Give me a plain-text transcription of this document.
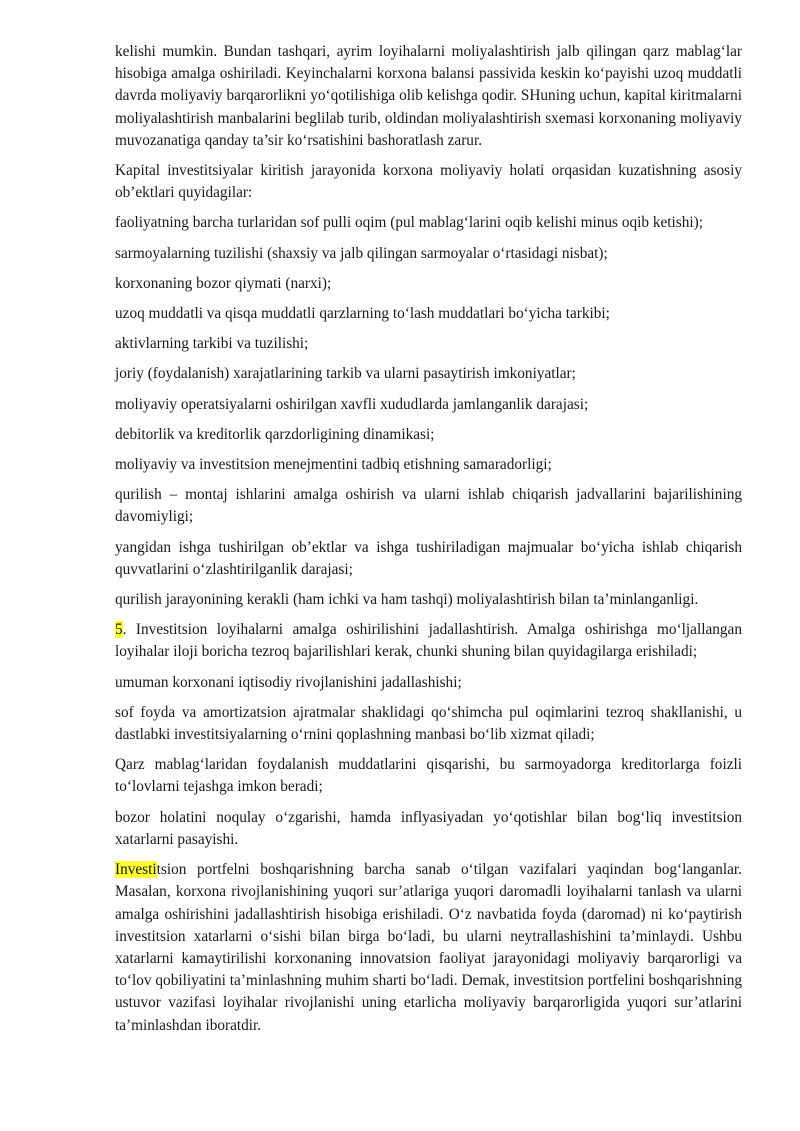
kelishi mumkin. Bundan tashqari, ayrim loyihalarni moliyalashtirish jalb qilingan qarz mablag‘lar hisobiga amalga oshiriladi. Keyinchalarni korxona balansi passivida keskin ko‘payishi uzoq muddatli davrda moliyaviy barqarorlikni yo‘qotilishiga olib kelishga qodir. SHuning uchun, kapital kiritmalarni moliyalashtirish manbalarini beglilab turib, oldindan moliyalashtirish sxemasi korxonaning moliyaviy muvozanatiga qanday ta’sir ko‘rsatishini bashoratlash zarur.

Kapital investitsiyalar kiritish jarayonida korxona moliyaviy holati orqasidan kuzatishning asosiy ob’ektlari quyidagilar:

faoliyatning barcha turlaridan sof pulli oqim (pul mablag‘larini oqib kelishi minus oqib ketishi);

sarmoyalarning tuzilishi (shaxsiy va jalb qilingan sarmoyalar o‘rtasidagi nisbat);

korxonaning bozor qiymati (narxi);

uzoq muddatli va qisqa muddatli qarzlarning to‘lash muddatlari bo‘yicha tarkibi;

aktivlarning tarkibi va tuzilishi;

joriy (foydalanish) xarajatlarining tarkib va ularni pasaytirish imkoniyatlar;

moliyaviy operatsiyalarni oshirilgan xavfli xududlarda jamlanganlik darajasi;

debitorlik va kreditorlik qarzdorligining dinamikasi;

moliyaviy va investitsion menejmentini tadbiq etishning samaradorligi;

qurilish – montaj ishlarini amalga oshirish va ularni ishlab chiqarish jadvallarini bajarilishining davomiyligi;

yangidan ishga tushirilgan ob’ektlar va ishga tushiriladigan majmualar bo‘yicha ishlab chiqarish quvvatlarini o‘zlashtirilganlik darajasi;

qurilish jarayonining kerakli (ham ichki va ham tashqi) moliyalashtirish bilan ta’minlanganligi.

5. Investitsion loyihalarni amalga oshirilishini jadallashtirish. Amalga oshirishga mo‘ljallangan loyihalar iloji boricha tezroq bajarilishlari kerak, chunki shuning bilan quyidagilarga erishiladi;

umuman korxonani iqtisodiy rivojlanishini jadallashishi;

sof foyda va amortizatsion ajratmalar shaklidagi qo‘shimcha pul oqimlarini tezroq shakllanishi, u dastlabki investitsiyalarning o‘rnini qoplashning manbasi bo‘lib xizmat qiladi;

Qarz mablag‘laridan foydalanish muddatlarini qisqarishi, bu sarmoyadorga kreditorlarga foizli to‘lovlarni tejashga imkon beradi;

bozor holatini noqulay o‘zgarishi, hamda inflyasiyadan yo‘qotishlar bilan bog‘liq investitsion xatarlarni pasayishi.

Investitsion portfelni boshqarishning barcha sanab o‘tilgan vazifalari yaqindan bog‘langanlar. Masalan, korxona rivojlanishining yuqori sur’atlariga yuqori daromadli loyihalarni tanlash va ularni amalga oshirishini jadallashtirish hisobiga erishiladi. O‘z navbatida foyda (daromad) ni ko‘paytirish investitsion xatarlarni o‘sishi bilan birga bo‘ladi, bu ularni neytrallashishini ta’minlaydi. Ushbu xatarlarni kamaytirilishi korxonaning innovatsion faoliyat jarayonidagi moliyaviy barqarorligi va to‘lov qobiliyatini ta’minlashning muhim sharti bo‘ladi. Demak, investitsion portfelini boshqarishning ustuvor vazifasi loyihalar rivojlanishi uning etarlicha moliyaviy barqarorligida yuqori sur’atlarini ta’minlashdan iboratdir.
